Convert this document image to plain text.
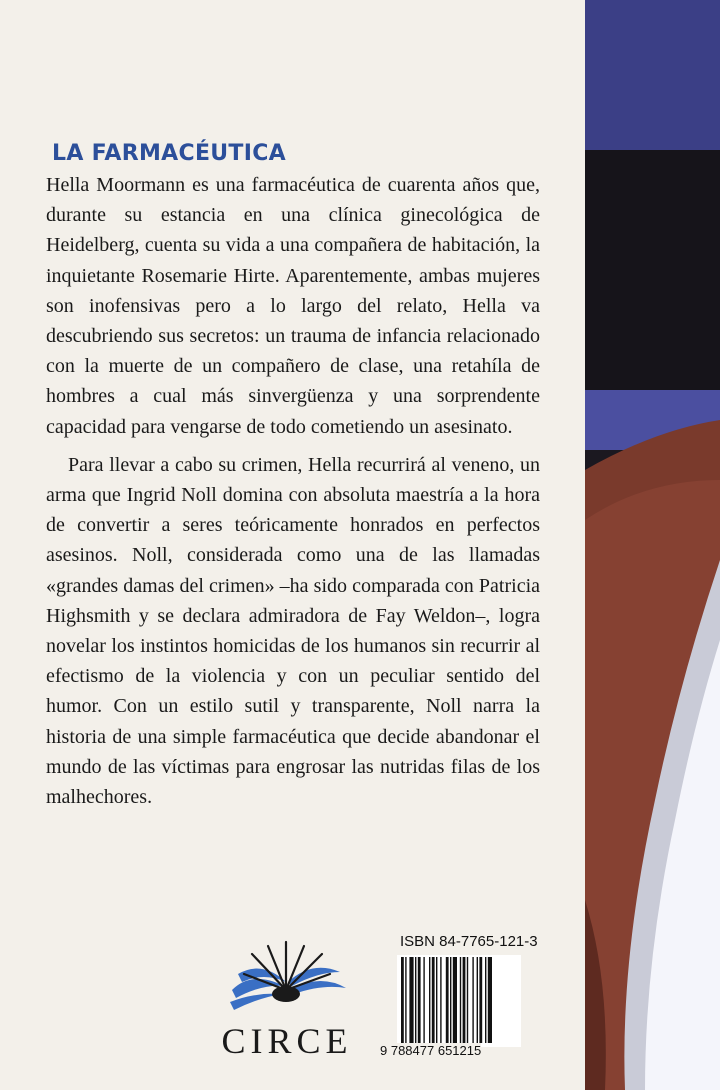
LA FARMACÉUTICA

Hella Moormann es una farmacéutica de cuarenta años que, durante su estancia en una clínica ginecológica de Heidelberg, cuenta su vida a una compañera de habitación, la inquietante Rosemarie Hirte. Aparentemente, ambas mujeres son inofensivas pero a lo largo del relato, Hella va descubriendo sus secretos: un trauma de infancia relacionado con la muerte de un compañero de clase, una retahíla de hombres a cual más sinvergüenza y una sorprendente capacidad para vengarse de todo cometiendo un asesinato.

Para llevar a cabo su crimen, Hella recurrirá al veneno, un arma que Ingrid Noll domina con absoluta maestría a la hora de convertir a seres teóricamente honrados en perfectos asesinos. Noll, considerada como una de las llamadas «grandes damas del crimen» –ha sido comparada con Patricia Highsmith y se declara admiradora de Fay Weldon–, logra novelar los instintos homicidas de los humanos sin recurrir al efectismo de la violencia y con un peculiar sentido del humor. Con un estilo sutil y transparente, Noll narra la historia de una simple farmacéutica que decide abandonar el mundo de las víctimas para engrosar las nutridas filas de los malhechores.

CIRCE
ISBN 84-7765-121-3
9 788477 651215
